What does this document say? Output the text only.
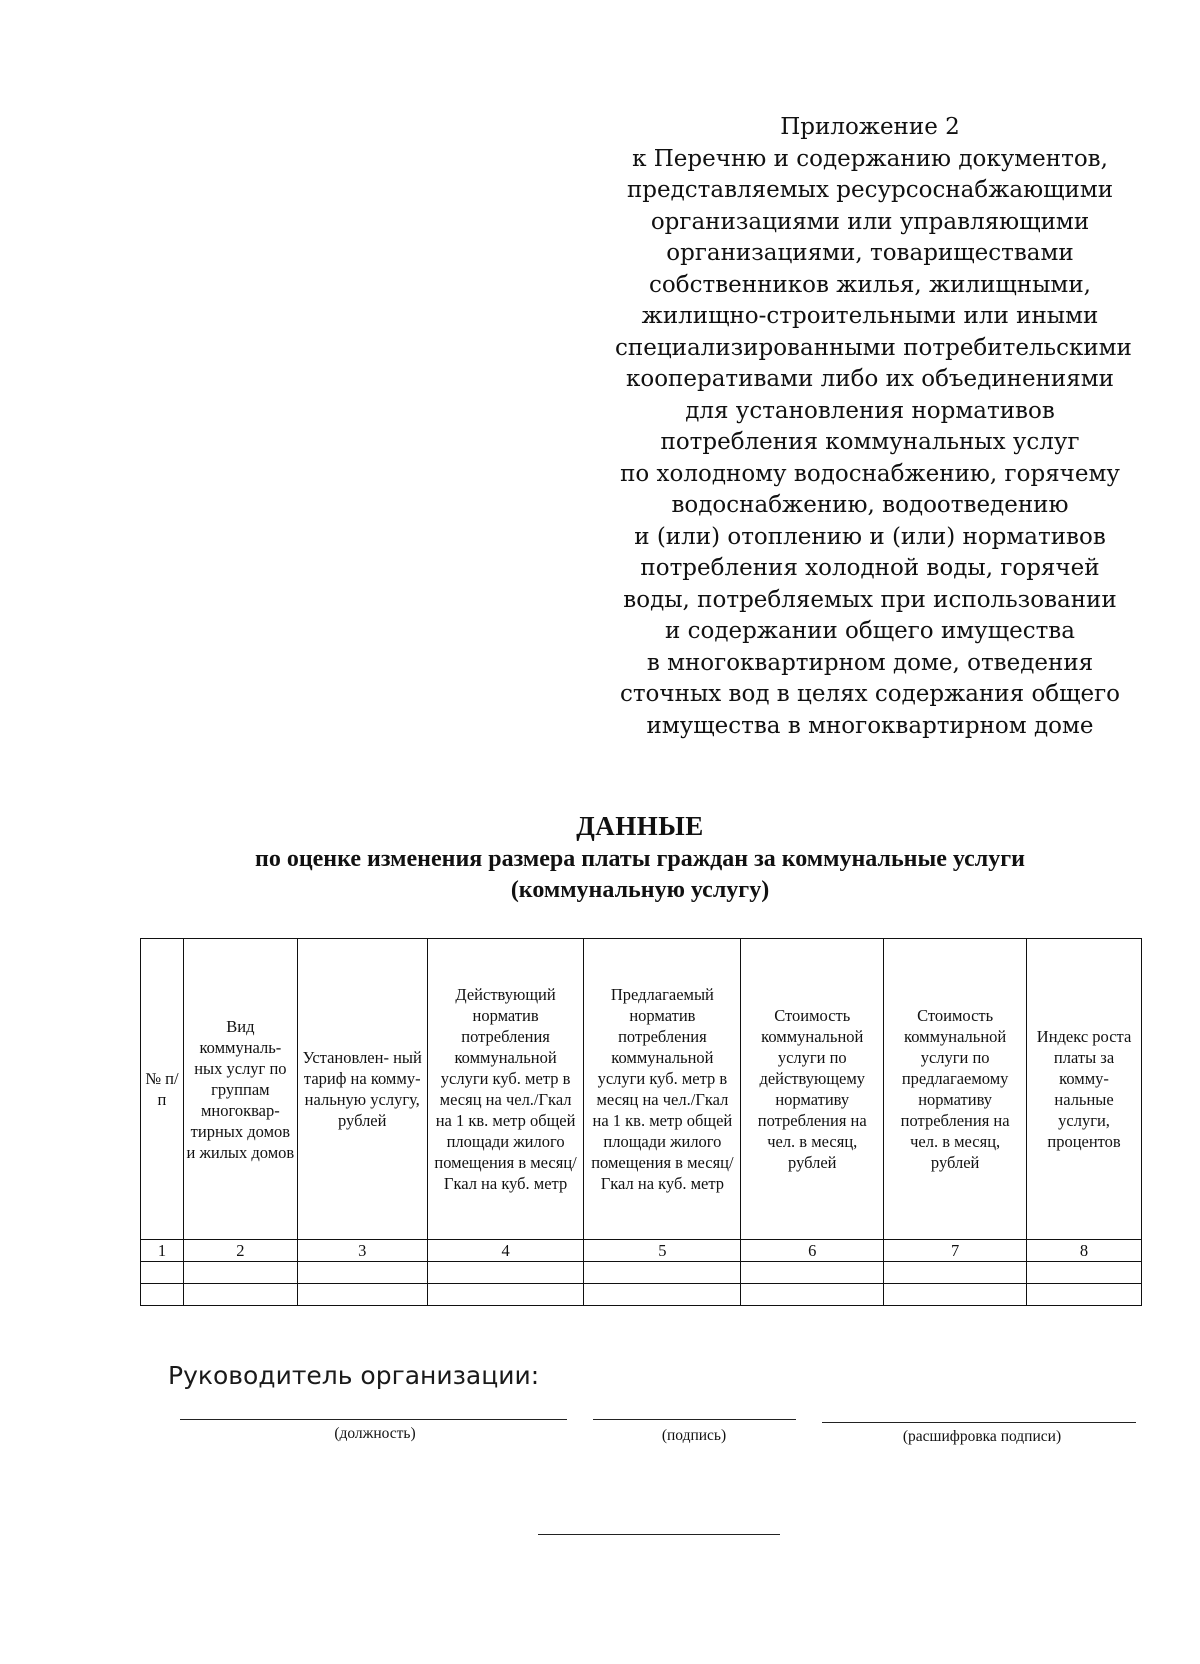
Приложение 2
к Перечню и содержанию документов,
представляемых ресурсоснабжающими
организациями или управляющими
организациями, товариществами
собственников жилья, жилищными,
жилищно-строительными или иными
специализированными потребительскими
кооперативами либо их объединениями
для установления нормативов
потребления коммунальных услуг
по холодному водоснабжению, горячему
водоснабжению, водоотведению
и (или) отоплению и (или) нормативов
потребления холодной воды, горячей
воды, потребляемых при использовании
и содержании общего имущества
в многоквартирном доме, отведения
сточных вод в целях содержания общего
имущества в многоквартирном доме
ДАННЫЕ
по оценке изменения размера платы граждан за коммунальные услуги
(коммунальную услугу)
№ п/п	Вид коммуналь- ных услуг по группам многоквар- тирных домов и жилых домов	Установлен- ный тариф на комму- нальную услугу, рублей	Действующий норматив потребления коммунальной услуги куб. метр в месяц на чел./Гкал на 1 кв. метр общей площади жилого помещения в месяц/Гкал на куб. метр	Предлагаемый норматив потребления коммунальной услуги куб. метр в месяц на чел./Гкал на 1 кв. метр общей площади жилого помещения в месяц/Гкал на куб. метр	Стоимость коммунальной услуги по действующему нормативу потребления на чел. в месяц, рублей	Стоимость коммунальной услуги по предлагаемому нормативу потребления на чел. в месяц, рублей	Индекс роста платы за комму- нальные услуги, процентов
1	2	3	4	5	6	7	8

Руководитель организации:
(должность)	(подпись)	(расшифровка подписи)
